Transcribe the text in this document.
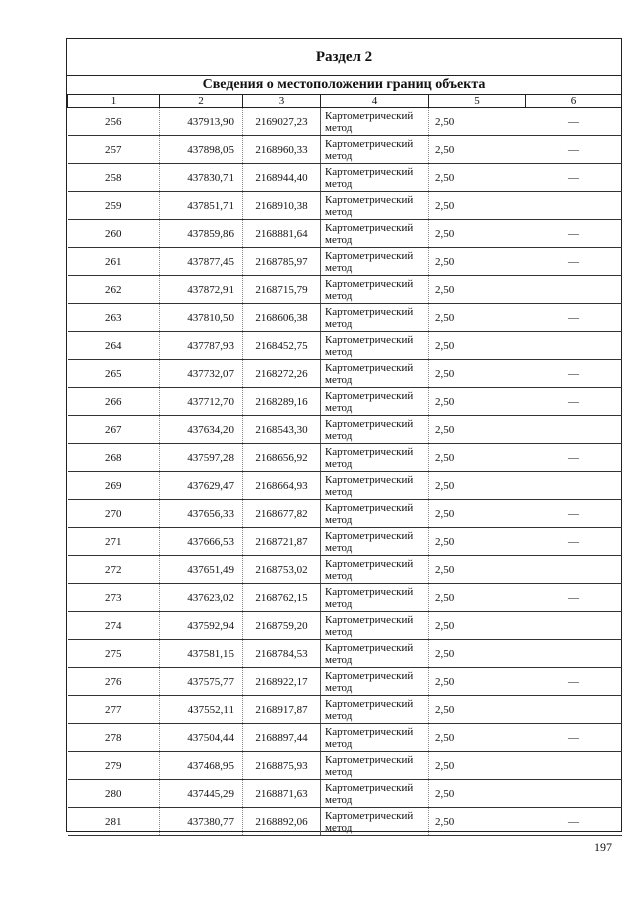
Раздел 2
Сведения о местоположении границ объекта
1	2	3	4	5	6
256	437913,90	2169027,23	Картометрический метод	2,50	—
257	437898,05	2168960,33	Картометрический метод	2,50	—
258	437830,71	2168944,40	Картометрический метод	2,50	—
259	437851,71	2168910,38	Картометрический метод	2,50	
260	437859,86	2168881,64	Картометрический метод	2,50	—
261	437877,45	2168785,97	Картометрический метод	2,50	—
262	437872,91	2168715,79	Картометрический метод	2,50	
263	437810,50	2168606,38	Картометрический метод	2,50	—
264	437787,93	2168452,75	Картометрический метод	2,50	
265	437732,07	2168272,26	Картометрический метод	2,50	—
266	437712,70	2168289,16	Картометрический метод	2,50	—
267	437634,20	2168543,30	Картометрический метод	2,50	
268	437597,28	2168656,92	Картометрический метод	2,50	—
269	437629,47	2168664,93	Картометрический метод	2,50	
270	437656,33	2168677,82	Картометрический метод	2,50	—
271	437666,53	2168721,87	Картометрический метод	2,50	—
272	437651,49	2168753,02	Картометрический метод	2,50	
273	437623,02	2168762,15	Картометрический метод	2,50	—
274	437592,94	2168759,20	Картометрический метод	2,50	
275	437581,15	2168784,53	Картометрический метод	2,50	
276	437575,77	2168922,17	Картометрический метод	2,50	—
277	437552,11	2168917,87	Картометрический метод	2,50	
278	437504,44	2168897,44	Картометрический метод	2,50	—
279	437468,95	2168875,93	Картометрический метод	2,50	
280	437445,29	2168871,63	Картометрический метод	2,50	
281	437380,77	2168892,06	Картометрический метод	2,50	—
197
